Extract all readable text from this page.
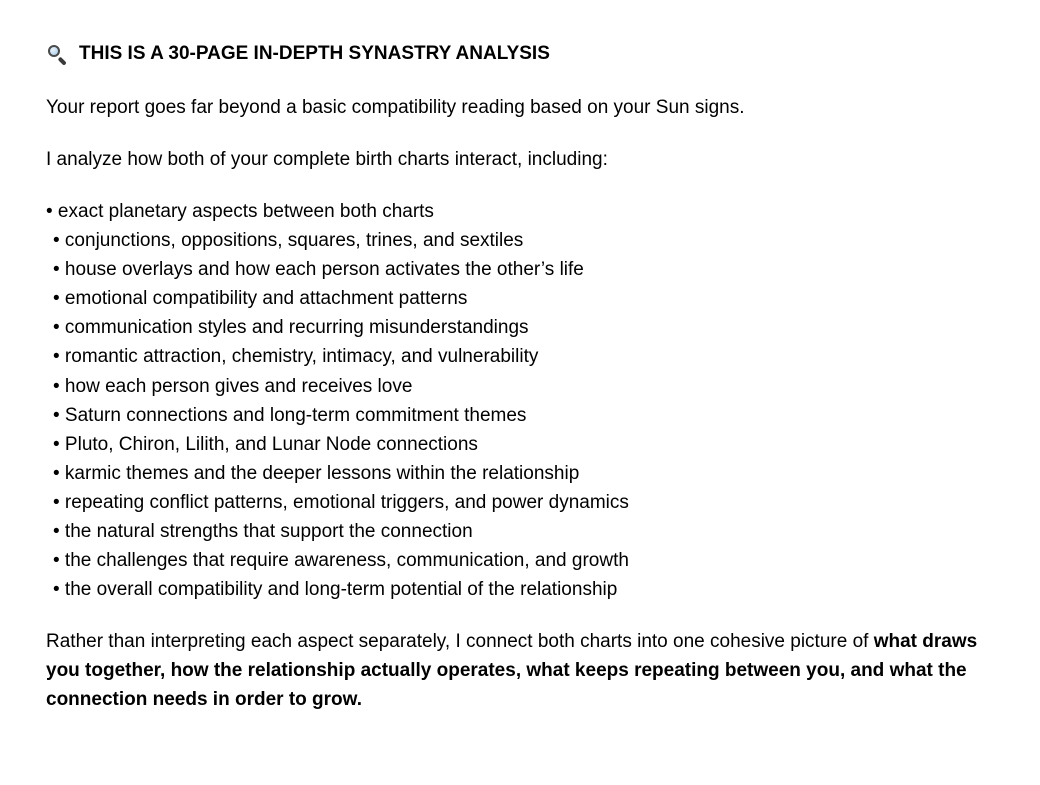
THIS IS A 30-PAGE IN-DEPTH SYNASTRY ANALYSIS

Your report goes far beyond a basic compatibility reading based on your Sun signs.

I analyze how both of your complete birth charts interact, including:

• exact planetary aspects between both charts
• conjunctions, oppositions, squares, trines, and sextiles
• house overlays and how each person activates the other’s life
• emotional compatibility and attachment patterns
• communication styles and recurring misunderstandings
• romantic attraction, chemistry, intimacy, and vulnerability
• how each person gives and receives love
• Saturn connections and long-term commitment themes
• Pluto, Chiron, Lilith, and Lunar Node connections
• karmic themes and the deeper lessons within the relationship
• repeating conflict patterns, emotional triggers, and power dynamics
• the natural strengths that support the connection
• the challenges that require awareness, communication, and growth
• the overall compatibility and long-term potential of the relationship

Rather than interpreting each aspect separately, I connect both charts into one cohesive picture of what draws you together, how the relationship actually operates, what keeps repeating between you, and what the connection needs in order to grow.
